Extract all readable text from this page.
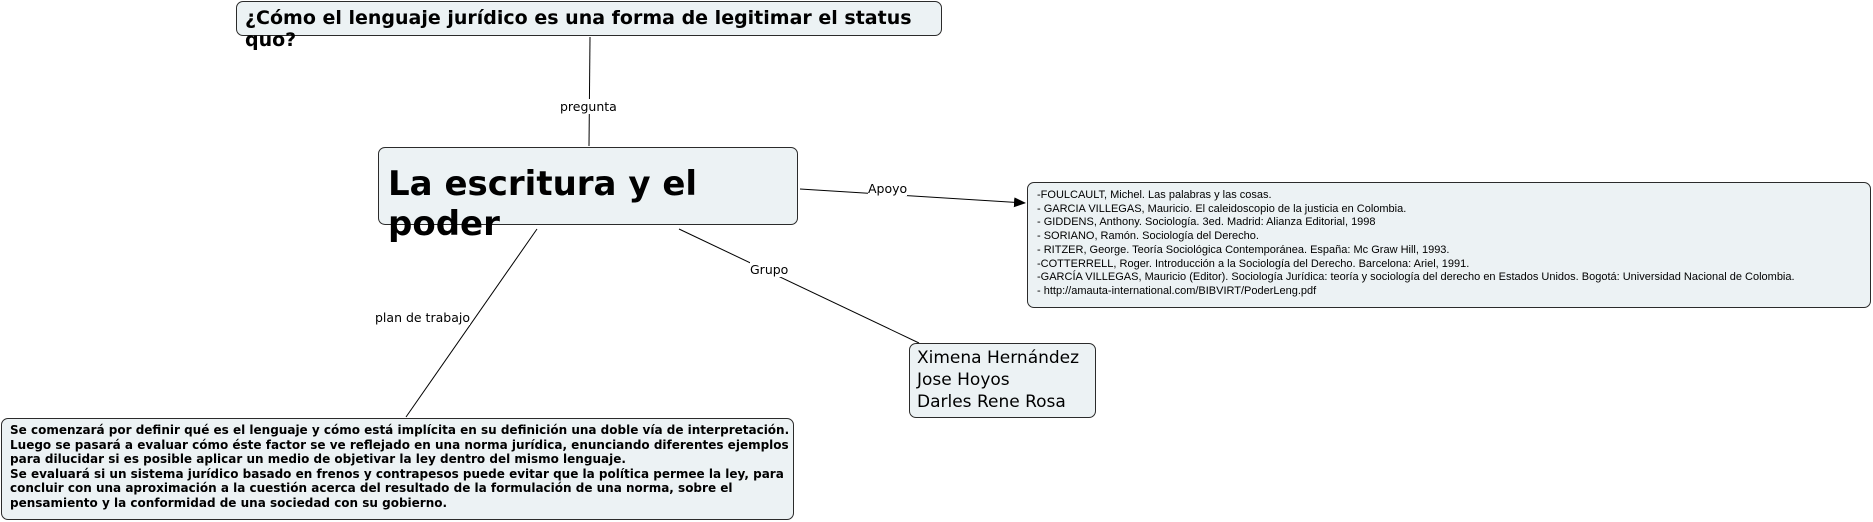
pregunta
Apoyo
Grupo
plan de trabajo
¿Cómo el lenguaje jurídico es una forma de legitimar el status quo?
La escritura y el poder
-FOULCAULT, Michel. Las palabras y las cosas.
- GARCIA VILLEGAS, Mauricio. El caleidoscopio de la justicia en Colombia.
- GIDDENS, Anthony. Sociología. 3ed. Madrid: Alianza Editorial, 1998
- SORIANO, Ramón. Sociología del Derecho.
- RITZER, George. Teoría Sociológica Contemporánea. España: Mc Graw Hill, 1993.
-COTTERRELL, Roger. Introducción a la Sociología del Derecho. Barcelona: Ariel, 1991.
-GARCÍA VILLEGAS, Mauricio (Editor). Sociología Jurídica: teoría y sociología del derecho en Estados Unidos. Bogotá: Universidad Nacional de Colombia.
- http://amauta-international.com/BIBVIRT/PoderLeng.pdf
Ximena Hernández
Jose Hoyos
Darles Rene Rosa
Se comenzará por definir qué es el lenguaje y cómo está implícita en su definición una doble vía de interpretación.
Luego se pasará a evaluar cómo éste factor se ve reflejado en una norma jurídica, enunciando diferentes ejemplos
para dilucidar si es posible aplicar un medio de objetivar la ley dentro del mismo lenguaje.
Se evaluará si un sistema jurídico basado en frenos y contrapesos puede evitar que la política permee la ley, para
concluir con una aproximación a la cuestión acerca del resultado de la formulación de una norma, sobre el
pensamiento y la conformidad de una sociedad con su gobierno.
